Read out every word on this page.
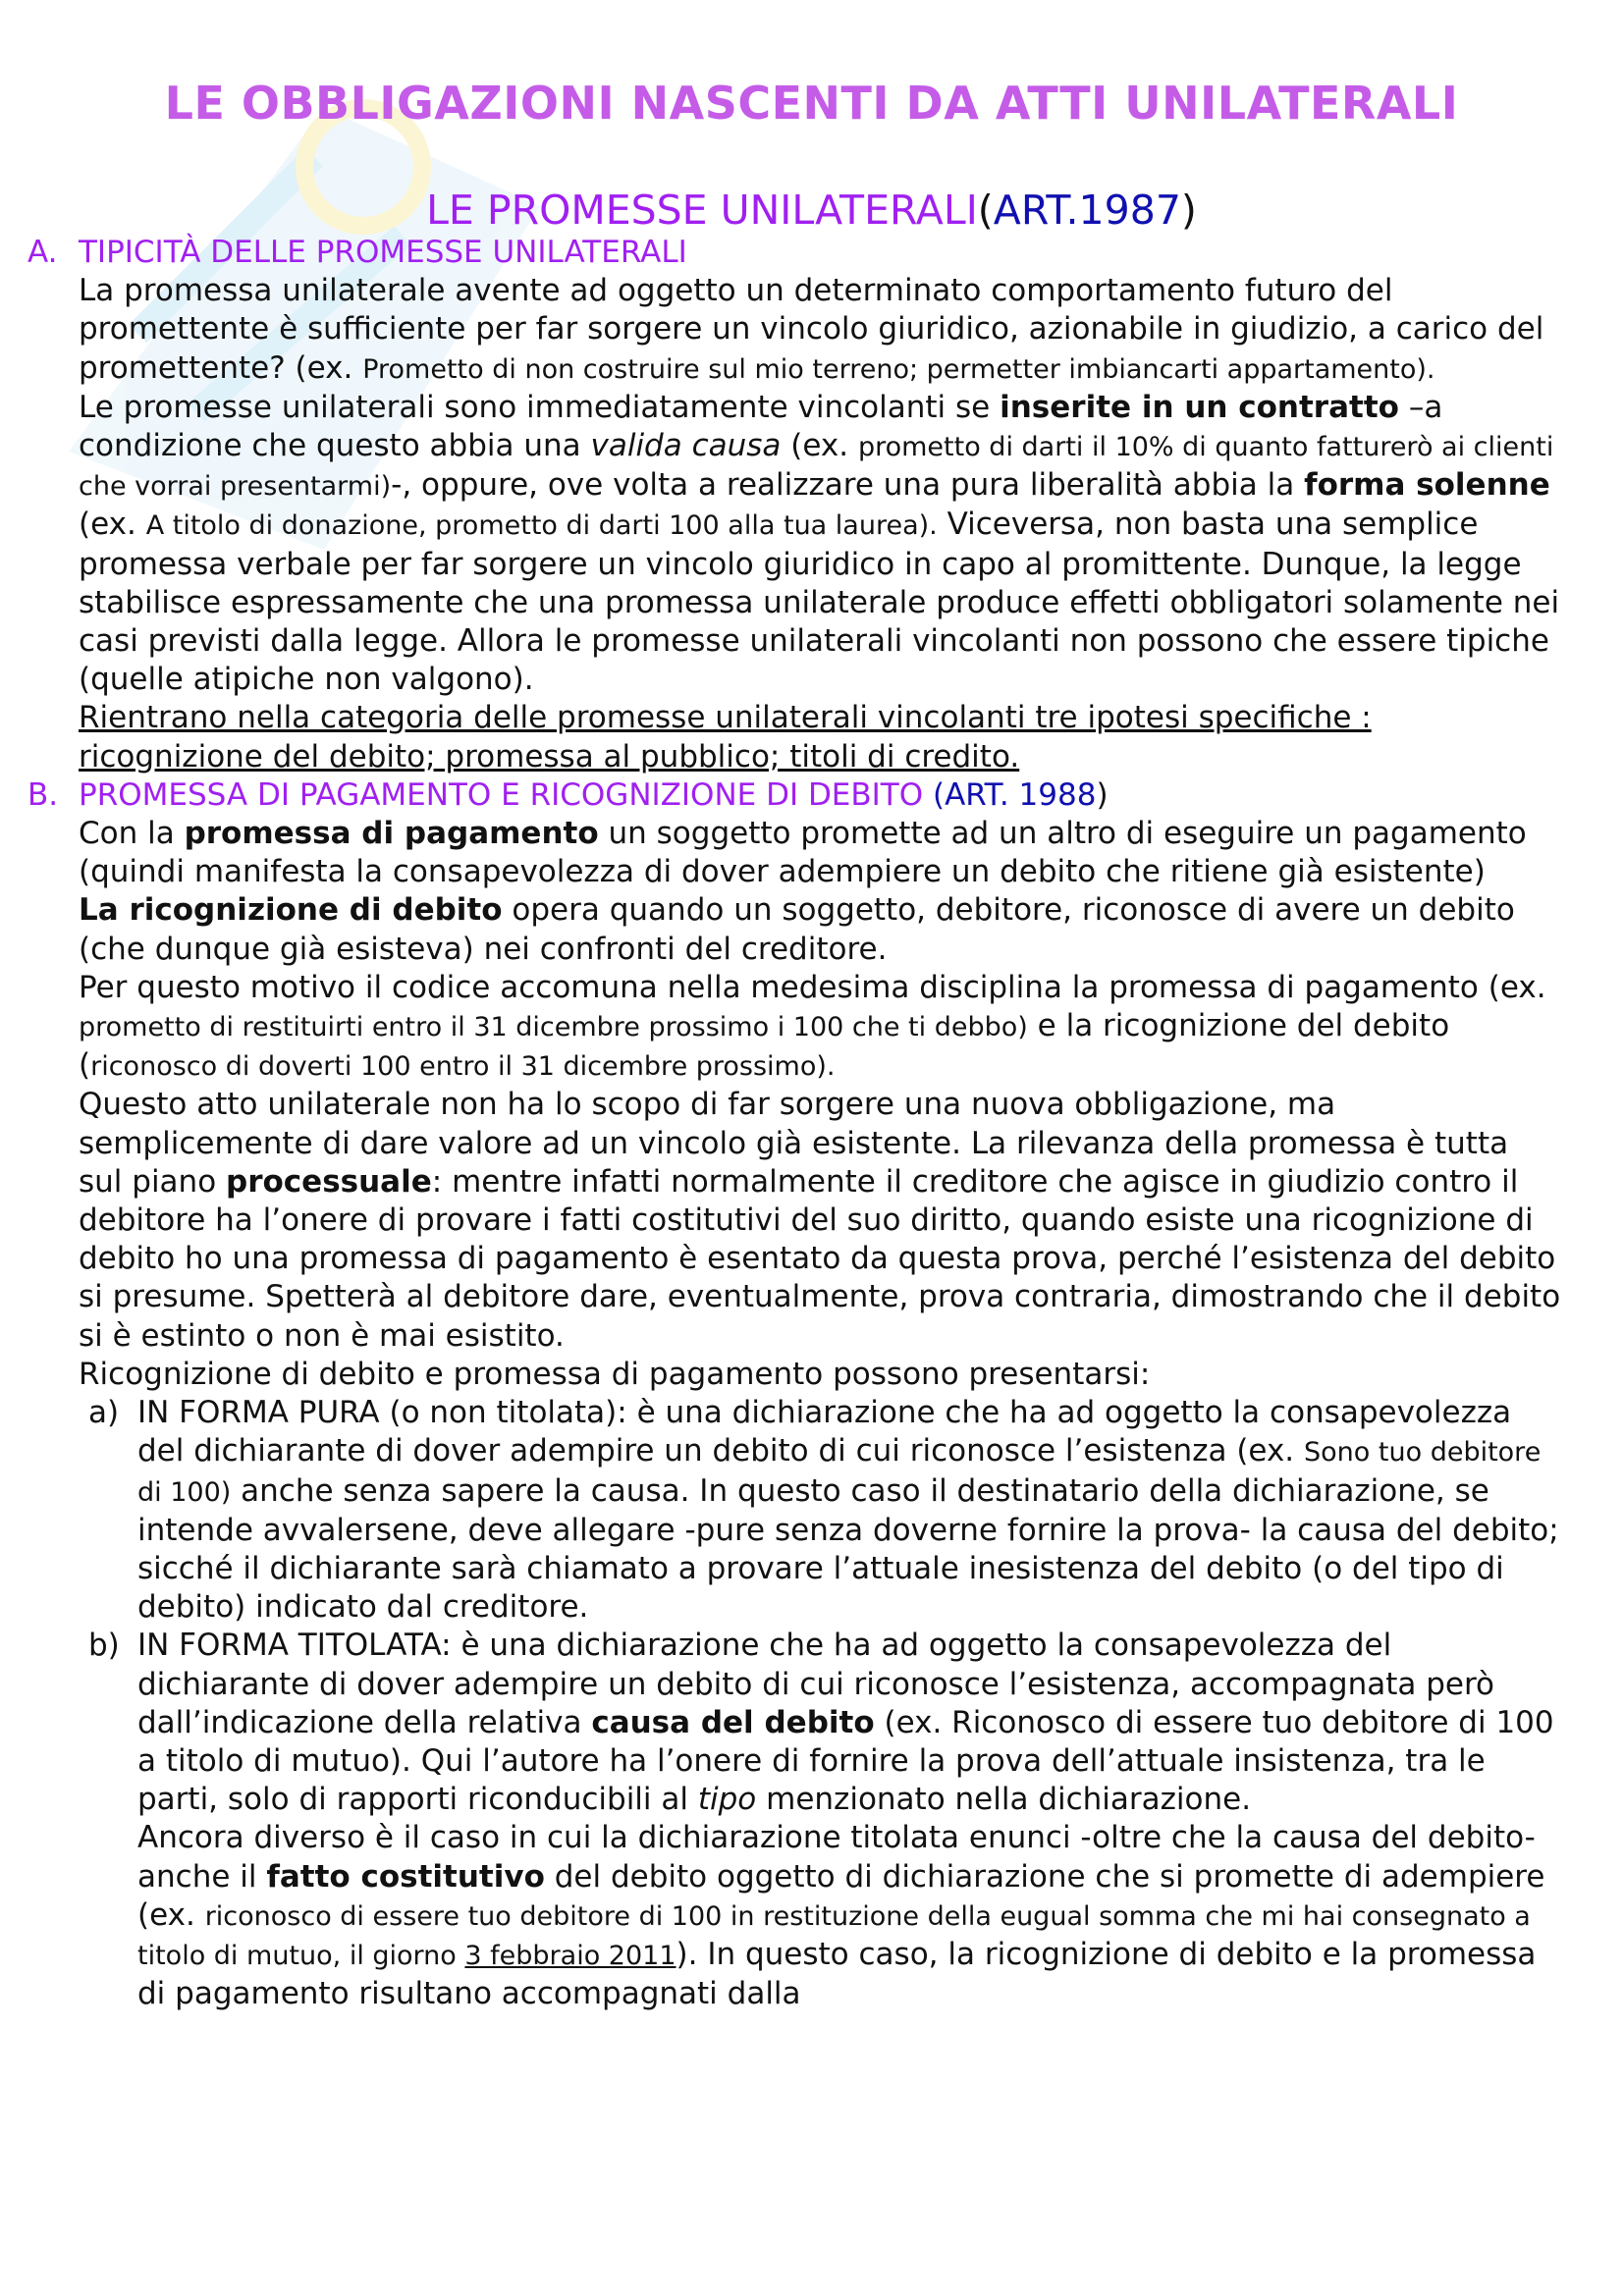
LE OBBLIGAZIONI NASCENTI DA ATTI UNILATERALI
LE PROMESSE UNILATERALI(ART.1987)

A. TIPICITÀ DELLE PROMESSE UNILATERALI

La promessa unilaterale avente ad oggetto un determinato comportamento futuro del promettente è sufficiente per far sorgere un vincolo giuridico, azionabile in giudizio, a carico del promettente? (ex. Prometto di non costruire sul mio terreno; permetter imbiancarti appartamento).

Le promesse unilaterali sono immediatamente vincolanti se inserite in un contratto –a condizione che questo abbia una valida causa (ex. prometto di darti il 10% di quanto fatturerò ai clienti che vorrai presentarmi)-, oppure, ove volta a realizzare una pura liberalità abbia la forma solenne (ex. A titolo di donazione, prometto di darti 100 alla tua laurea). Viceversa, non basta una semplice promessa verbale per far sorgere un vincolo giuridico in capo al promittente. Dunque, la legge stabilisce espressamente che una promessa unilaterale produce effetti obbligatori solamente nei casi previsti dalla legge. Allora le promesse unilaterali vincolanti non possono che essere tipiche (quelle atipiche non valgono).

Rientrano nella categoria delle promesse unilaterali vincolanti tre ipotesi specifiche : ricognizione del debito; promessa al pubblico; titoli di credito.

B. PROMESSA DI PAGAMENTO E RICOGNIZIONE DI DEBITO (ART. 1988)

Con la promessa di pagamento un soggetto promette ad un altro di eseguire un pagamento (quindi manifesta la consapevolezza di dover adempiere un debito che ritiene già esistente)

La ricognizione di debito opera quando un soggetto, debitore, riconosce di avere un debito (che dunque già esisteva) nei confronti del creditore.

Per questo motivo il codice accomuna nella medesima disciplina la promessa di pagamento (ex. prometto di restituirti entro il 31 dicembre prossimo i 100 che ti debbo) e la ricognizione del debito (riconosco di doverti 100 entro il 31 dicembre prossimo).

Questo atto unilaterale non ha lo scopo di far sorgere una nuova obbligazione, ma semplicemente di dare valore ad un vincolo già esistente. La rilevanza della promessa è tutta sul piano processuale: mentre infatti normalmente il creditore che agisce in giudizio contro il debitore ha l’onere di provare i fatti costitutivi del suo diritto, quando esiste una ricognizione di debito ho una promessa di pagamento è esentato da questa prova, perché l’esistenza del debito si presume. Spetterà al debitore dare, eventualmente, prova contraria, dimostrando che il debito si è estinto o non è mai esistito.

Ricognizione di debito e promessa di pagamento possono presentarsi:

a) IN FORMA PURA (o non titolata): è una dichiarazione che ha ad oggetto la consapevolezza del dichiarante di dover adempire un debito di cui riconosce l’esistenza (ex. Sono tuo debitore di 100) anche senza sapere la causa. In questo caso il destinatario della dichiarazione, se intende avvalersene, deve allegare -pure senza doverne fornire la prova- la causa del debito; sicché il dichiarante sarà chiamato a provare l’attuale inesistenza del debito (o del tipo di debito) indicato dal creditore.

b) IN FORMA TITOLATA: è una dichiarazione che ha ad oggetto la consapevolezza del dichiarante di dover adempire un debito di cui riconosce l’esistenza, accompagnata però dall’indicazione della relativa causa del debito (ex. Riconosco di essere tuo debitore di 100 a titolo di mutuo). Qui l’autore ha l’onere di fornire la prova dell’attuale insistenza, tra le parti, solo di rapporti riconducibili al tipo menzionato nella dichiarazione.

Ancora diverso è il caso in cui la dichiarazione titolata enunci -oltre che la causa del debito-anche il fatto costitutivo del debito oggetto di dichiarazione che si promette di adempiere (ex. riconosco di essere tuo debitore di 100 in restituzione della eugual somma che mi hai consegnato a titolo di mutuo, il giorno 3 febbraio 2011). In questo caso, la ricognizione di debito e la promessa di pagamento risultano accompagnati dalla
